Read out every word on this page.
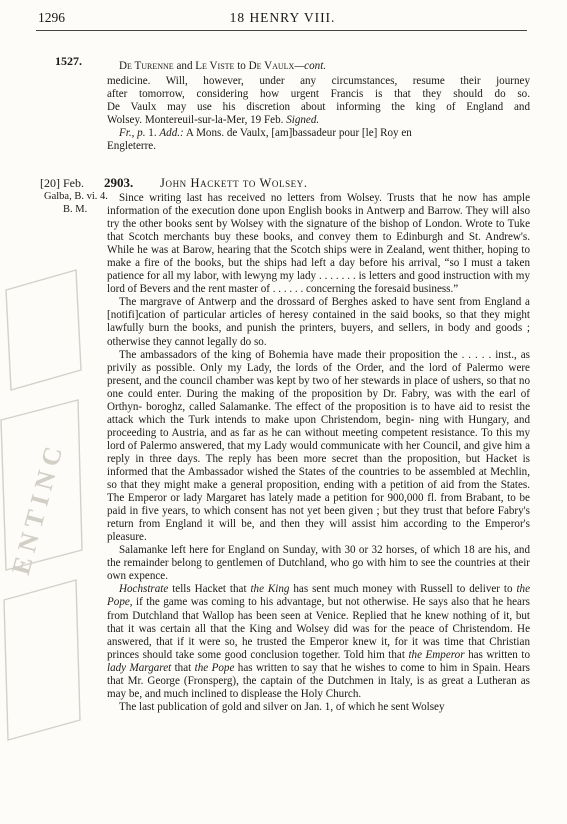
1296	18 HENRY VIII.
1527.
ENTINC

De Turenne and Le Viste to De Vaulx—cont.

medicine. Will, however, under any circumstances, resume their journey

after tomorrow, considering how urgent Francis is that they should do so.

De Vaulx may use his discretion about informing the king of England and

Wolsey. Montereuil-sur-la-Mer, 19 Feb. Signed.

Fr., p. 1. Add.: A Mons. de Vaulx, [am]bassadeur pour [le] Roy en

Engleterre.

[20] Feb.
Galba, B. vi. 4.
B. M.
2903. John Hackett to Wolsey.

Since writing last has received no letters from Wolsey. Trusts that he now has ample information of the execution done upon English books in Antwerp and Barrow. They will also try the other books sent by Wolsey with the signature of the bishop of London. Wrote to Tuke that Scotch merchants buy these books, and convey them to Edinburgh and St. Andrew's. While he was at Barow, hearing that the Scotch ships were in Zealand, went thither, hoping to make a fire of the books, but the ships had left a day before his arrival, “so I must a taken patience for all my labor, with lewyng my lady . . . . . . . is letters and good instruction with my lord of Bevers and the rent master of . . . . . . concerning the foresaid business.”

The margrave of Antwerp and the drossard of Berghes asked to have sent from England a [notifi]cation of particular articles of heresy contained in the said books, so that they might lawfully burn the books, and punish the printers, buyers, and sellers, in body and goods ; otherwise they cannot legally do so.

The ambassadors of the king of Bohemia have made their proposition the . . . . . inst., as privily as possible. Only my Lady, the lords of the Order, and the lord of Palermo were present, and the council chamber was kept by two of her stewards in place of ushers, so that no one could enter. During the making of the proposition by Dr. Fabry, was with the earl of Orthyn- boroghz, called Salamanke. The effect of the proposition is to have aid to resist the attack which the Turk intends to make upon Christendom, begin- ning with Hungary, and proceeding to Austria, and as far as he can without meeting competent resistance. To this my lord of Palermo answered, that my Lady would communicate with her Council, and give him a reply in three days. The reply has been more secret than the proposition, but Hacket is informed that the Ambassador wished the States of the countries to be assembled at Mechlin, so that they might make a general proposition, ending with a petition of aid from the States. The Emperor or lady Margaret has lately made a petition for 900,000 fl. from Brabant, to be paid in five years, to which consent has not yet been given ; but they trust that before Fabry's return from England it will be, and then they will assist him according to the Emperor's pleasure.

Salamanke left here for England on Sunday, with 30 or 32 horses, of which 18 are his, and the remainder belong to gentlemen of Dutchland, who go with him to see the countries at their own expence.

Hochstrate tells Hacket that the King has sent much money with Russell to deliver to the Pope, if the game was coming to his advantage, but not otherwise. He says also that he hears from Dutchland that Wallop has been seen at Venice. Replied that he knew nothing of it, but that it was certain all that the King and Wolsey did was for the peace of Christendom. He answered, that if it were so, he trusted the Emperor knew it, for it was time that Christian princes should take some good conclusion together. Told him that the Emperor has written to lady Margaret that the Pope has written to say that he wishes to come to him in Spain. Hears that Mr. George (Fronsperg), the captain of the Dutchmen in Italy, is as great a Lutheran as may be, and much inclined to displease the Holy Church.

The last publication of gold and silver on Jan. 1, of which he sent Wolsey
